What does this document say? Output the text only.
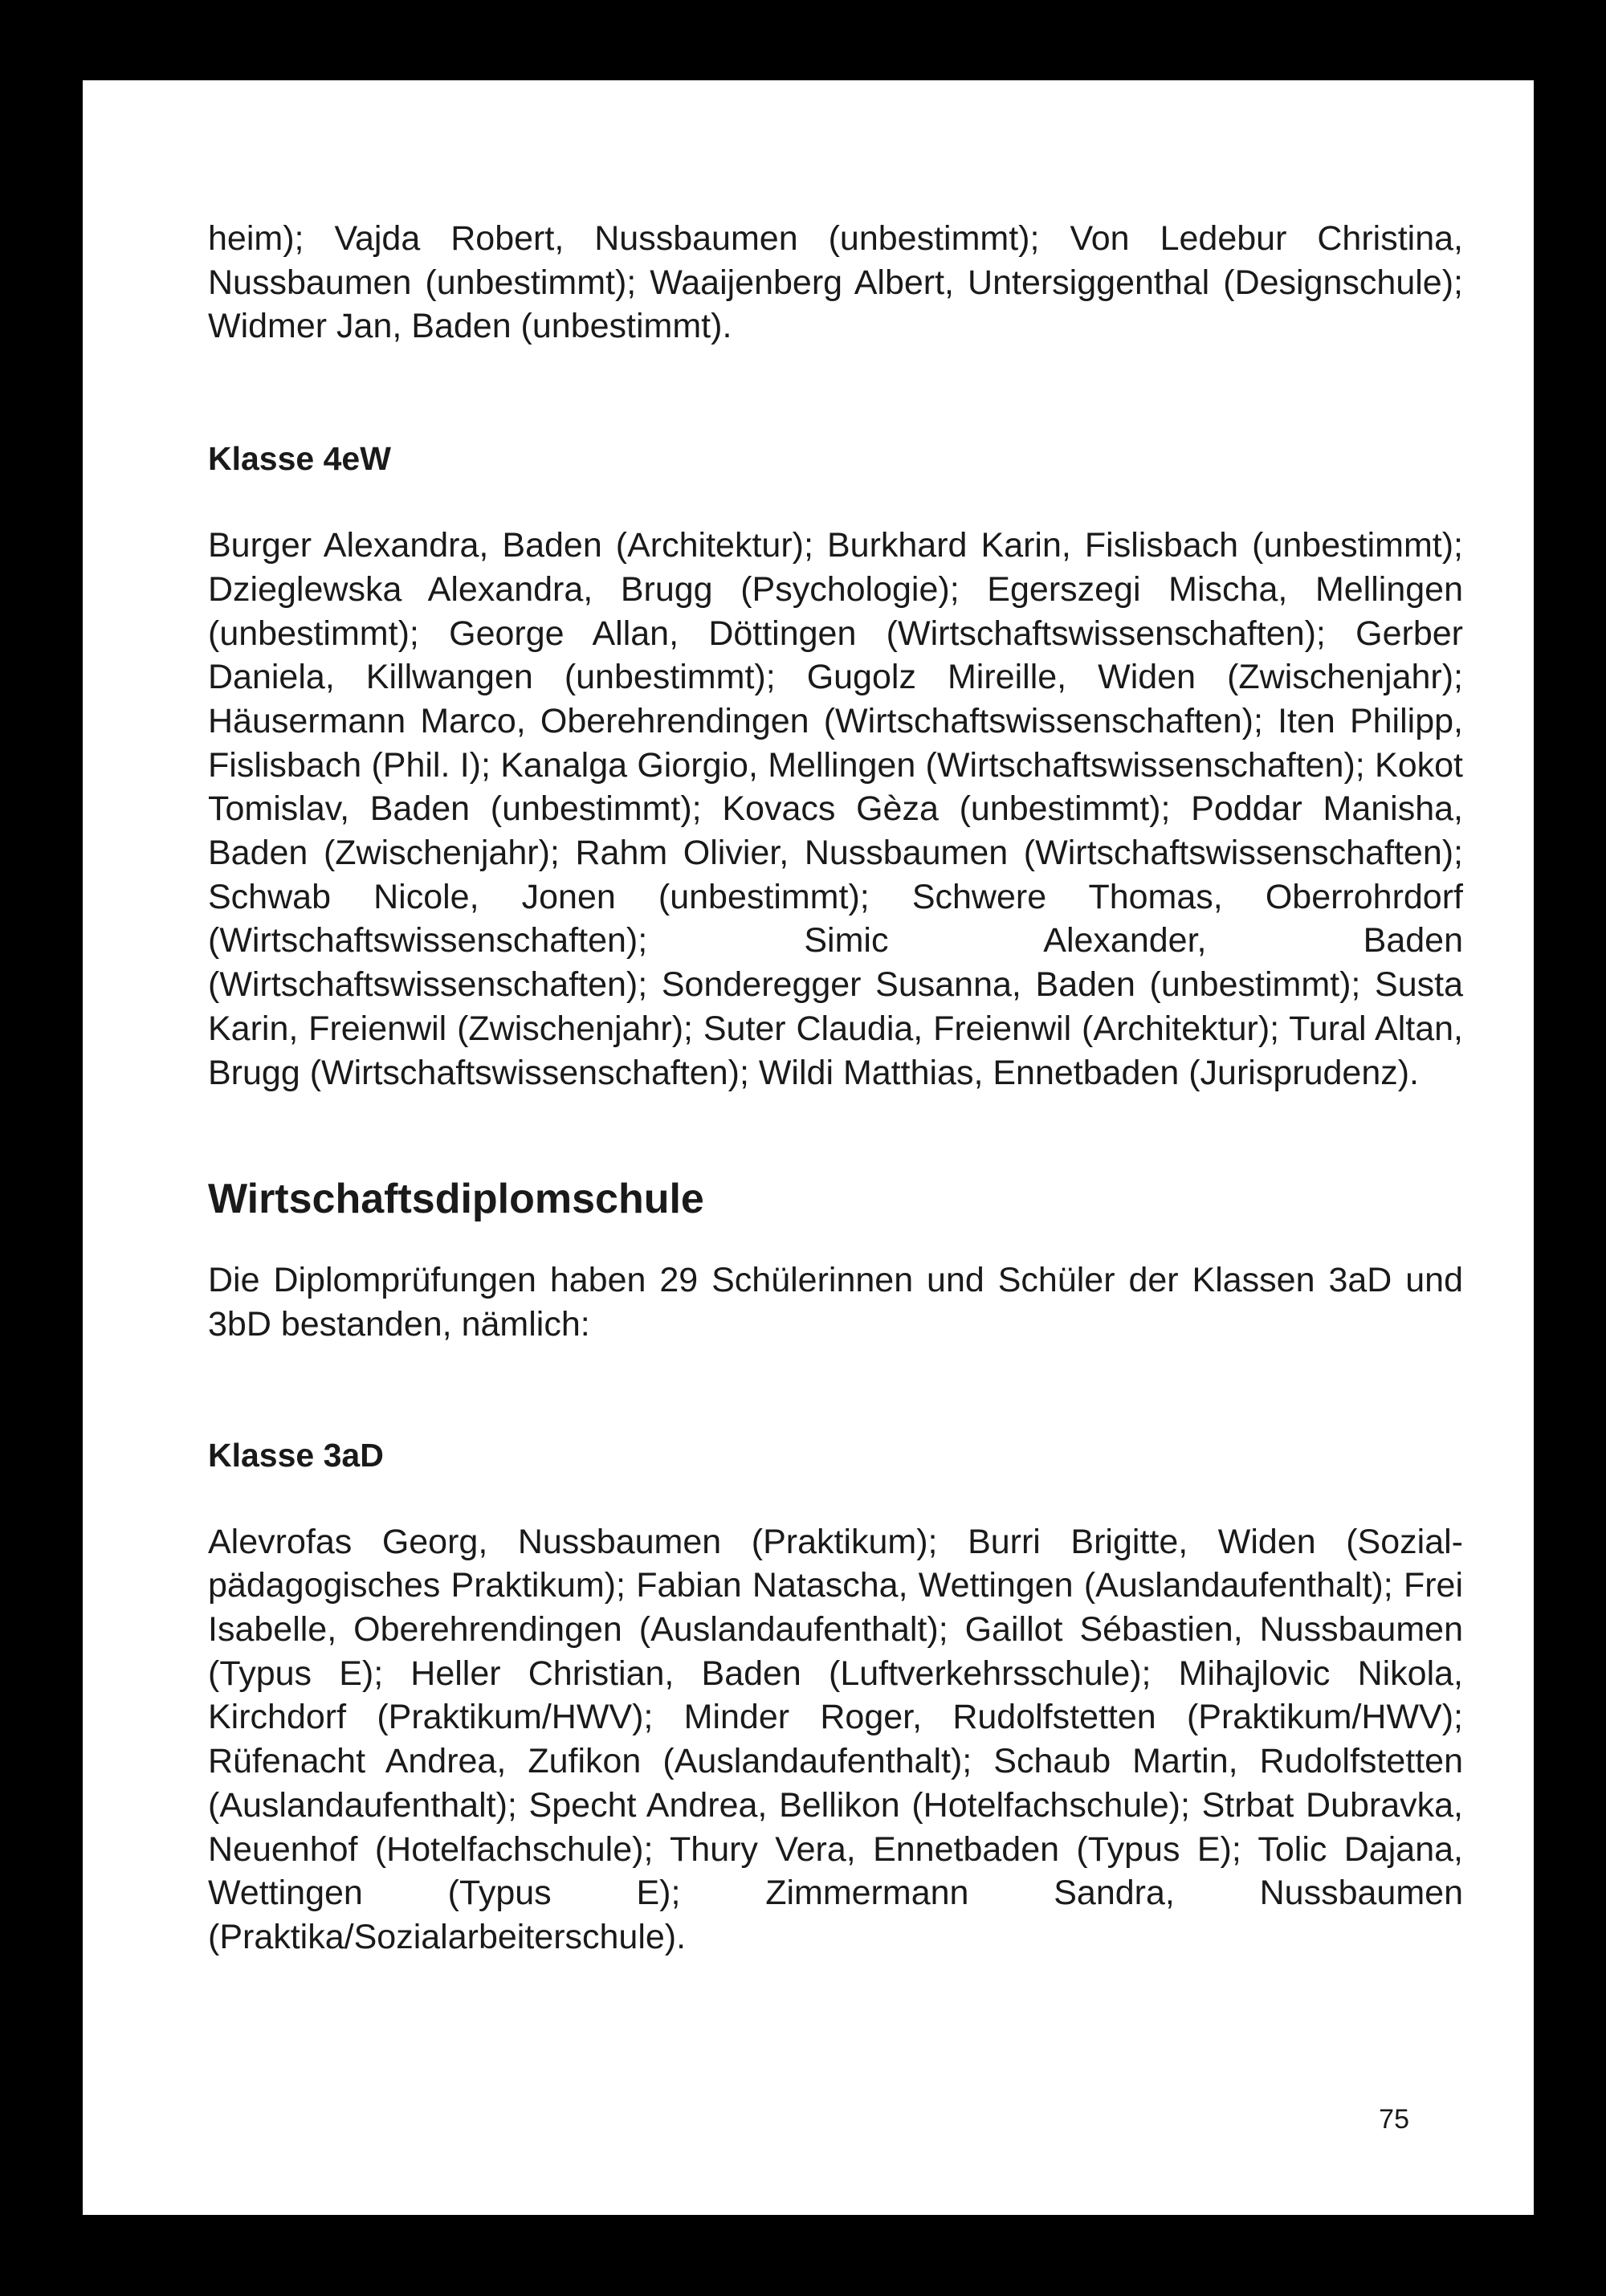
heim); Vajda Robert, Nussbaumen (unbestimmt); Von Ledebur Christina, Nussbaumen (unbestimmt); Waaijenberg Albert, Untersiggenthal (Designschule); Widmer Jan, Baden (unbestimmt).

Klasse 4eW

Burger Alexandra, Baden (Architektur); Burkhard Karin, Fislisbach (unbestimmt); Dzieglewska Alexandra, Brugg (Psychologie); Egerszegi Mischa, Mellingen (unbestimmt); George Allan, Döttingen (Wirtschaftswissenschaften); Gerber Daniela, Killwangen (unbestimmt); Gugolz Mireille, Widen (Zwischenjahr); Häusermann Marco, Oberehrendingen (Wirtschaftswissenschaften); Iten Philipp, Fislisbach (Phil. I); Kanalga Giorgio, Mellingen (Wirtschaftswissenschaften); Kokot Tomislav, Baden (unbestimmt); Kovacs Gèza (unbestimmt); Poddar Manisha, Baden (Zwischenjahr); Rahm Olivier, Nussbaumen (Wirtschaftswissenschaften); Schwab Nicole, Jonen (unbestimmt); Schwere Thomas, Oberrohrdorf (Wirtschaftswissenschaften); Simic Alexander, Baden (Wirtschaftswissenschaften); Sonderegger Susanna, Baden (unbestimmt); Susta Karin, Freienwil (Zwischenjahr); Suter Claudia, Freienwil (Architektur); Tural Altan, Brugg (Wirtschaftswissenschaften); Wildi Matthias, Ennetbaden (Jurisprudenz).

Wirtschaftsdiplomschule

Die Diplomprüfungen haben 29 Schülerinnen und Schüler der Klassen 3aD und 3bD bestanden, nämlich:

Klasse 3aD

Alevrofas Georg, Nussbaumen (Praktikum); Burri Brigitte, Widen (Sozialpädagogisches Praktikum); Fabian Natascha, Wettingen (Auslandaufenthalt); Frei Isabelle, Oberehrendingen (Auslandaufenthalt); Gaillot Sébastien, Nussbaumen (Typus E); Heller Christian, Baden (Luftverkehrsschule); Mihajlovic Nikola, Kirchdorf (Praktikum/HWV); Minder Roger, Rudolfstetten (Praktikum/HWV); Rüfenacht Andrea, Zufikon (Auslandaufenthalt); Schaub Martin, Rudolfstetten (Auslandaufenthalt); Specht Andrea, Bellikon (Hotelfachschule); Strbat Dubravka, Neuenhof (Hotelfachschule); Thury Vera, Ennetbaden (Typus E); Tolic Dajana, Wettingen (Typus E); Zimmermann Sandra, Nussbaumen (Praktika/Sozialarbeiterschule).

75
